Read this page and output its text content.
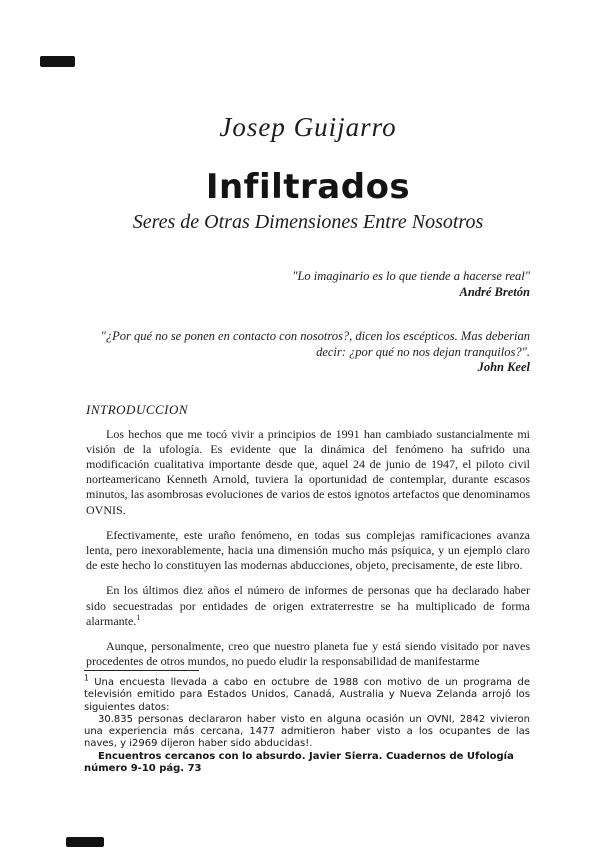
Josep Guijarro
Infiltrados
Seres de Otras Dimensiones Entre Nosotros
"Lo imaginario es lo que tiende a hacerse real"
André Bretón
"¿Por qué no se ponen en contacto con nosotros?, dicen los escépticos. Mas deberian decir: ¿por qué no nos dejan tranquilos?".
John Keel
INTRODUCCION

Los hechos que me tocó vivir a principios de 1991 han cambiado sustancialmente mi visión de la ufología. Es evidente que la dinámica del fenómeno ha sufrido una modificación cualitativa importante desde que, aquel 24 de junio de 1947, el piloto civil norteamericano Kenneth Arnold, tuviera la oportunidad de contemplar, durante escasos minutos, las asombrosas evoluciones de varios de estos ignotos artefactos que denominamos OVNIS.

Efectivamente, este uraño fenómeno, en todas sus complejas ramificaciones avanza lenta, pero inexorablemente, hacia una dimensión mucho más psíquica, y un ejemplo claro de este hecho lo constituyen las modernas abducciones, objeto, precisamente, de este libro.

En los últimos diez años el número de informes de personas que ha declarado haber sido secuestradas por entidades de origen extraterrestre se ha multiplicado de forma alarmante.$^1$

Aunque, personalmente, creo que nuestro planeta fue y está siendo visitado por naves procedentes de otros mundos, no puedo eludir la responsabilidad de manifestarme

$^1$ Una encuesta llevada a cabo en octubre de 1988 con motivo de un programa de televisión emitido para Estados Unidos, Canadá, Australia y Nueva Zelanda arrojó los siguientes datos:

30.835 personas declararon haber visto en alguna ocasión un OVNI, 2842 vivieron una experiencia más cercana, 1477 admitieron haber visto a los ocupantes de las naves, y i2969 dijeron haber sido abducidas!.

Encuentros cercanos con lo absurdo. Javier Sierra. Cuadernos de Ufología número 9-10 pág. 73
